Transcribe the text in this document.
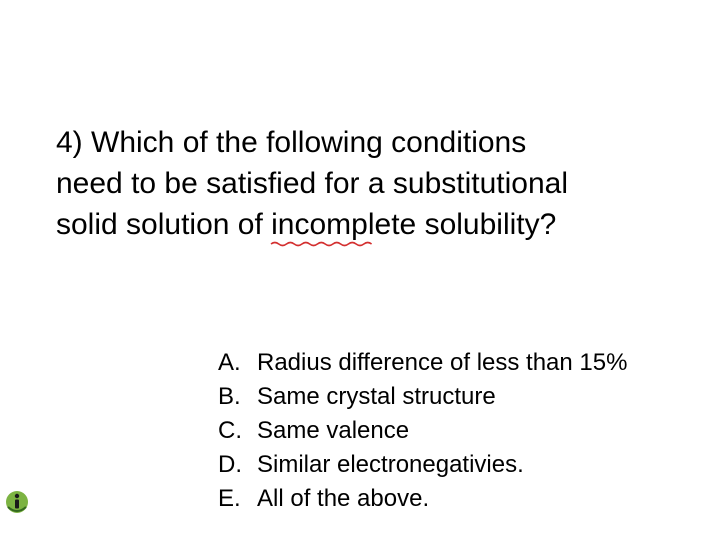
4) Which of the following conditions
need to be satisfied for a substitutional
solid solution of incomp
lete solubility?
A. Radius difference of less than 15%
B. Same crystal structure
C. Same valence
D. Similar electronegativies.
E. All of the above.
